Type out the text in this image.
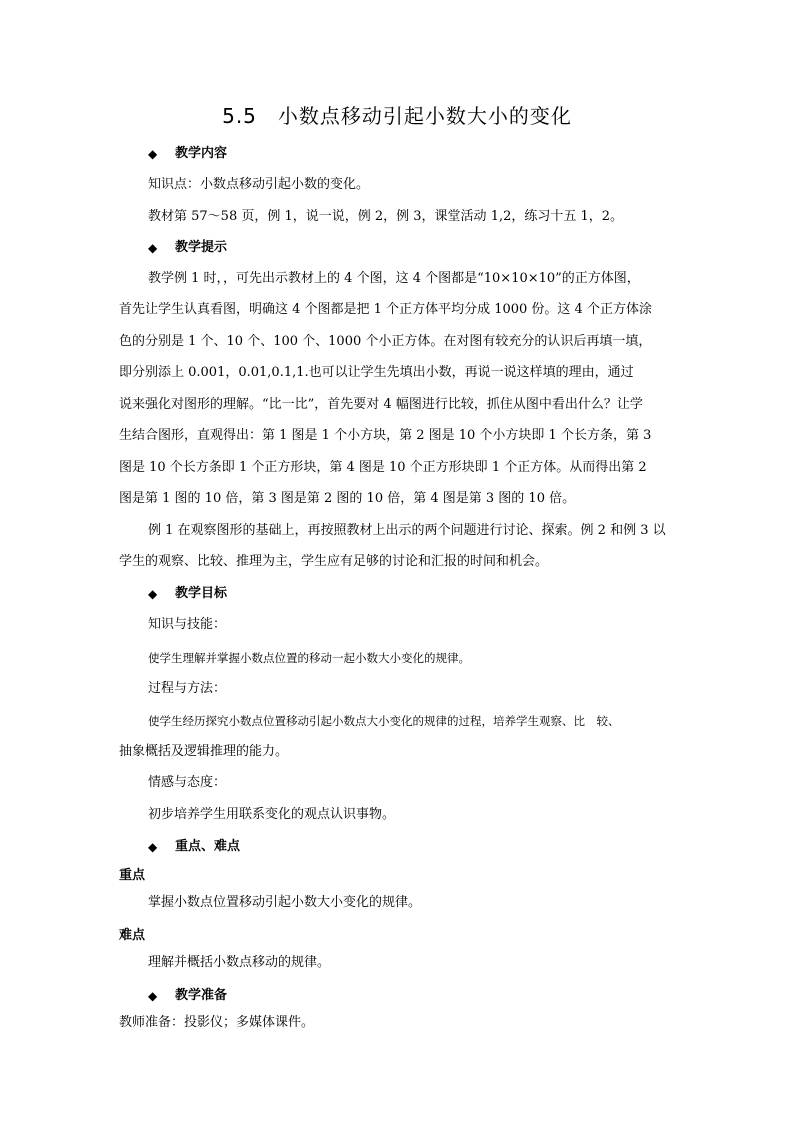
5.5　小数点移动引起小数大小的变化
◆ 教学内容
知识点：小数点移动引起小数的变化。
教材第 57～58 页，例 1，说一说，例 2，例 3，课堂活动 1,2，练习十五 1，2。
◆ 教学提示
教学例 1 时，，可先出示教材上的 4 个图，这 4 个图都是“10×10×10”的正方体图，
首先让学生认真看图，明确这 4 个图都是把 1 个正方体平均分成 1000 份。这 4 个正方体涂
色的分别是 1 个、10 个、100 个、1000 个小正方体。在对图有较充分的认识后再填一填，
即分别添上 0.001，0.01,0.1,1.也可以让学生先填出小数，再说一说这样填的理由，通过
说来强化对图形的理解。“比一比”，首先要对 4 幅图进行比较，抓住从图中看出什么？让学
生结合图形，直观得出：第 1 图是 1 个小方块，第 2 图是 10 个小方块即 1 个长方条，第 3
图是 10 个长方条即 1 个正方形块，第 4 图是 10 个正方形块即 1 个正方体。从而得出第 2
图是第 1 图的 10 倍，第 3 图是第 2 图的 10 倍，第 4 图是第 3 图的 10 倍。
例 1 在观察图形的基础上，再按照教材上出示的两个问题进行讨论、探索。例 2 和例 3 以
学生的观察、比较、推理为主，学生应有足够的讨论和汇报的时间和机会。
◆ 教学目标
知识与技能：
使学生理解并掌握小数点位置的移动一起小数大小变化的规律。
过程与方法：
使学生经历探究小数点位置移动引起小数点大小变化的规律的过程，培养学生观察、比　较、
抽象概括及逻辑推理的能力。
情感与态度：
初步培养学生用联系变化的观点认识事物。
◆ 重点、难点
重点
掌握小数点位置移动引起小数大小变化的规律。
难点
理解并概括小数点移动的规律。
◆ 教学准备
教师准备：投影仪；多媒体课件。
